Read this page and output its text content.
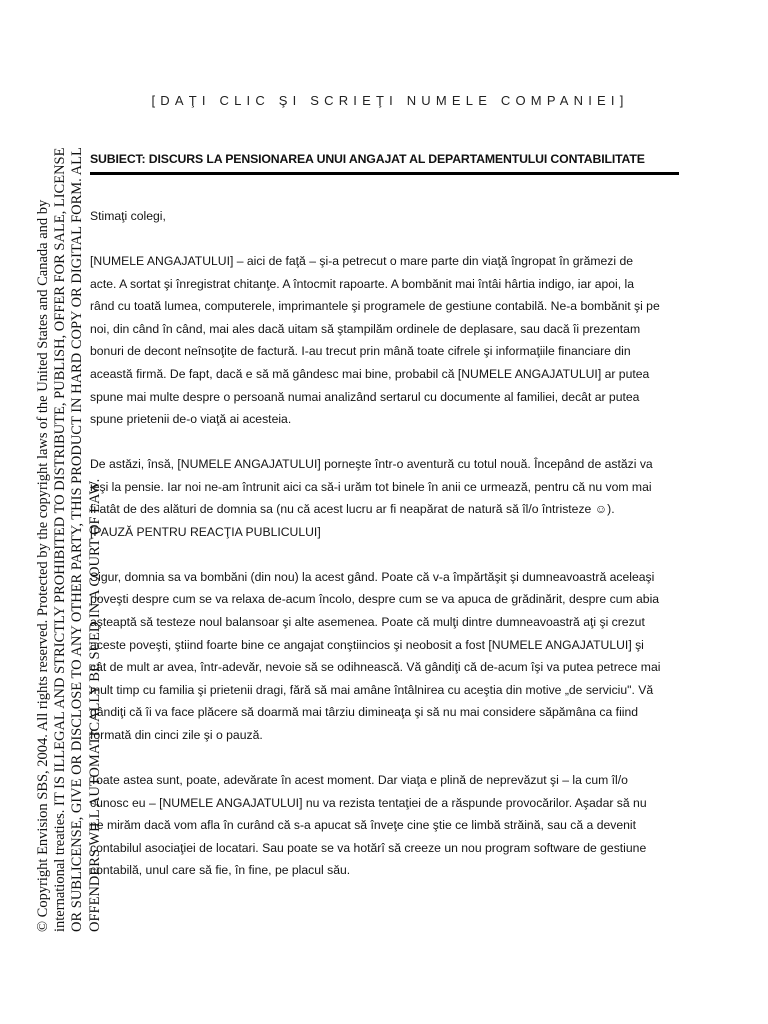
[DAŢI CLIC ŞI SCRIEŢI NUMELE COMPANIEI]
SUBIECT: DISCURS LA PENSIONAREA UNUI ANGAJAT AL DEPARTAMENTULUI CONTABILITATE
Stimaţi colegi,
[NUMELE ANGAJATULUI] – aici de faţă – şi-a petrecut o mare parte din viaţă îngropat în grămezi de
acte. A sortat şi înregistrat chitanţe. A întocmit rapoarte. A bombănit mai întâi hârtia indigo, iar apoi, la
rând cu toată lumea, computerele, imprimantele şi programele de gestiune contabilă. Ne-a bombănit şi pe
noi, din când în când, mai ales dacă uitam să ştampilăm ordinele de deplasare, sau dacă îi prezentam
bonuri de decont neînsoţite de factură. I-au trecut prin mână toate cifrele şi informaţiile financiare din
această firmă. De fapt, dacă e să mă gândesc mai bine, probabil că [NUMELE ANGAJATULUI] ar putea
spune mai multe despre o persoană numai analizând sertarul cu documente al familiei, decât ar putea
spune prietenii de-o viaţă ai acesteia.
De astăzi, însă, [NUMELE ANGAJATULUI] porneşte într-o aventură cu totul nouă. Începând de astăzi va
ieşi la pensie. Iar noi ne-am întrunit aici ca să-i urăm tot binele în anii ce urmează, pentru că nu vom mai
fi atât de des alături de domnia sa (nu că acest lucru ar fi neapărat de natură să îl/o întristeze ☺).
[PAUZĂ PENTRU REACŢIA PUBLICULUI]
Sigur, domnia sa va bombăni (din nou) la acest gând. Poate că v-a împărtăşit şi dumneavoastră aceleaşi
poveşti despre cum se va relaxa de-acum încolo, despre cum se va apuca de grădinărit, despre cum abia
aşteaptă să testeze noul balansoar şi alte asemenea. Poate că mulţi dintre dumneavoastră aţi şi crezut
aceste poveşti, ştiind foarte bine ce angajat conştiincios şi neobosit a fost [NUMELE ANGAJATULUI] şi
cât de mult ar avea, într-adevăr, nevoie să se odihnească. Vă gândiţi că de-acum îşi va putea petrece mai
mult timp cu familia şi prietenii dragi, fără să mai amâne întâlnirea cu aceştia din motive „de serviciu". Vă
gândiţi că îi va face plăcere să doarmă mai târziu dimineaţa şi să nu mai considere săpămâna ca fiind
formată din cinci zile şi o pauză.
Toate astea sunt, poate, adevărate în acest moment. Dar viaţa e plină de neprevăzut şi – la cum îl/o
cunosc eu – [NUMELE ANGAJATULUI] nu va rezista tentaţiei de a răspunde provocărilor. Aşadar să nu
ne mirăm dacă vom afla în curând că s-a apucat să înveţe cine ştie ce limbă străină, sau că a devenit
contabilul asociaţiei de locatari. Sau poate se va hotărî să creeze un nou program software de gestiune
contabilă, unul care să fie, în fine, pe placul său.
© Copyright Envision SBS, 2004. All rights reserved. Protected by the copyright laws of the United States and Canada and by international treaties. IT IS ILLEGAL AND STRICTLY PROHIBITED TO DISTRIBUTE, PUBLISH, OFFER FOR SALE, LICENSE OR SUBLICENSE, GIVE OR DISCLOSE TO ANY OTHER PARTY, THIS PRODUCT IN HARD COPY OR DIGITAL FORM. ALL OFFENDERS WILL AUTOMATICALLY BE SUED IN A COURT OF LAW.
